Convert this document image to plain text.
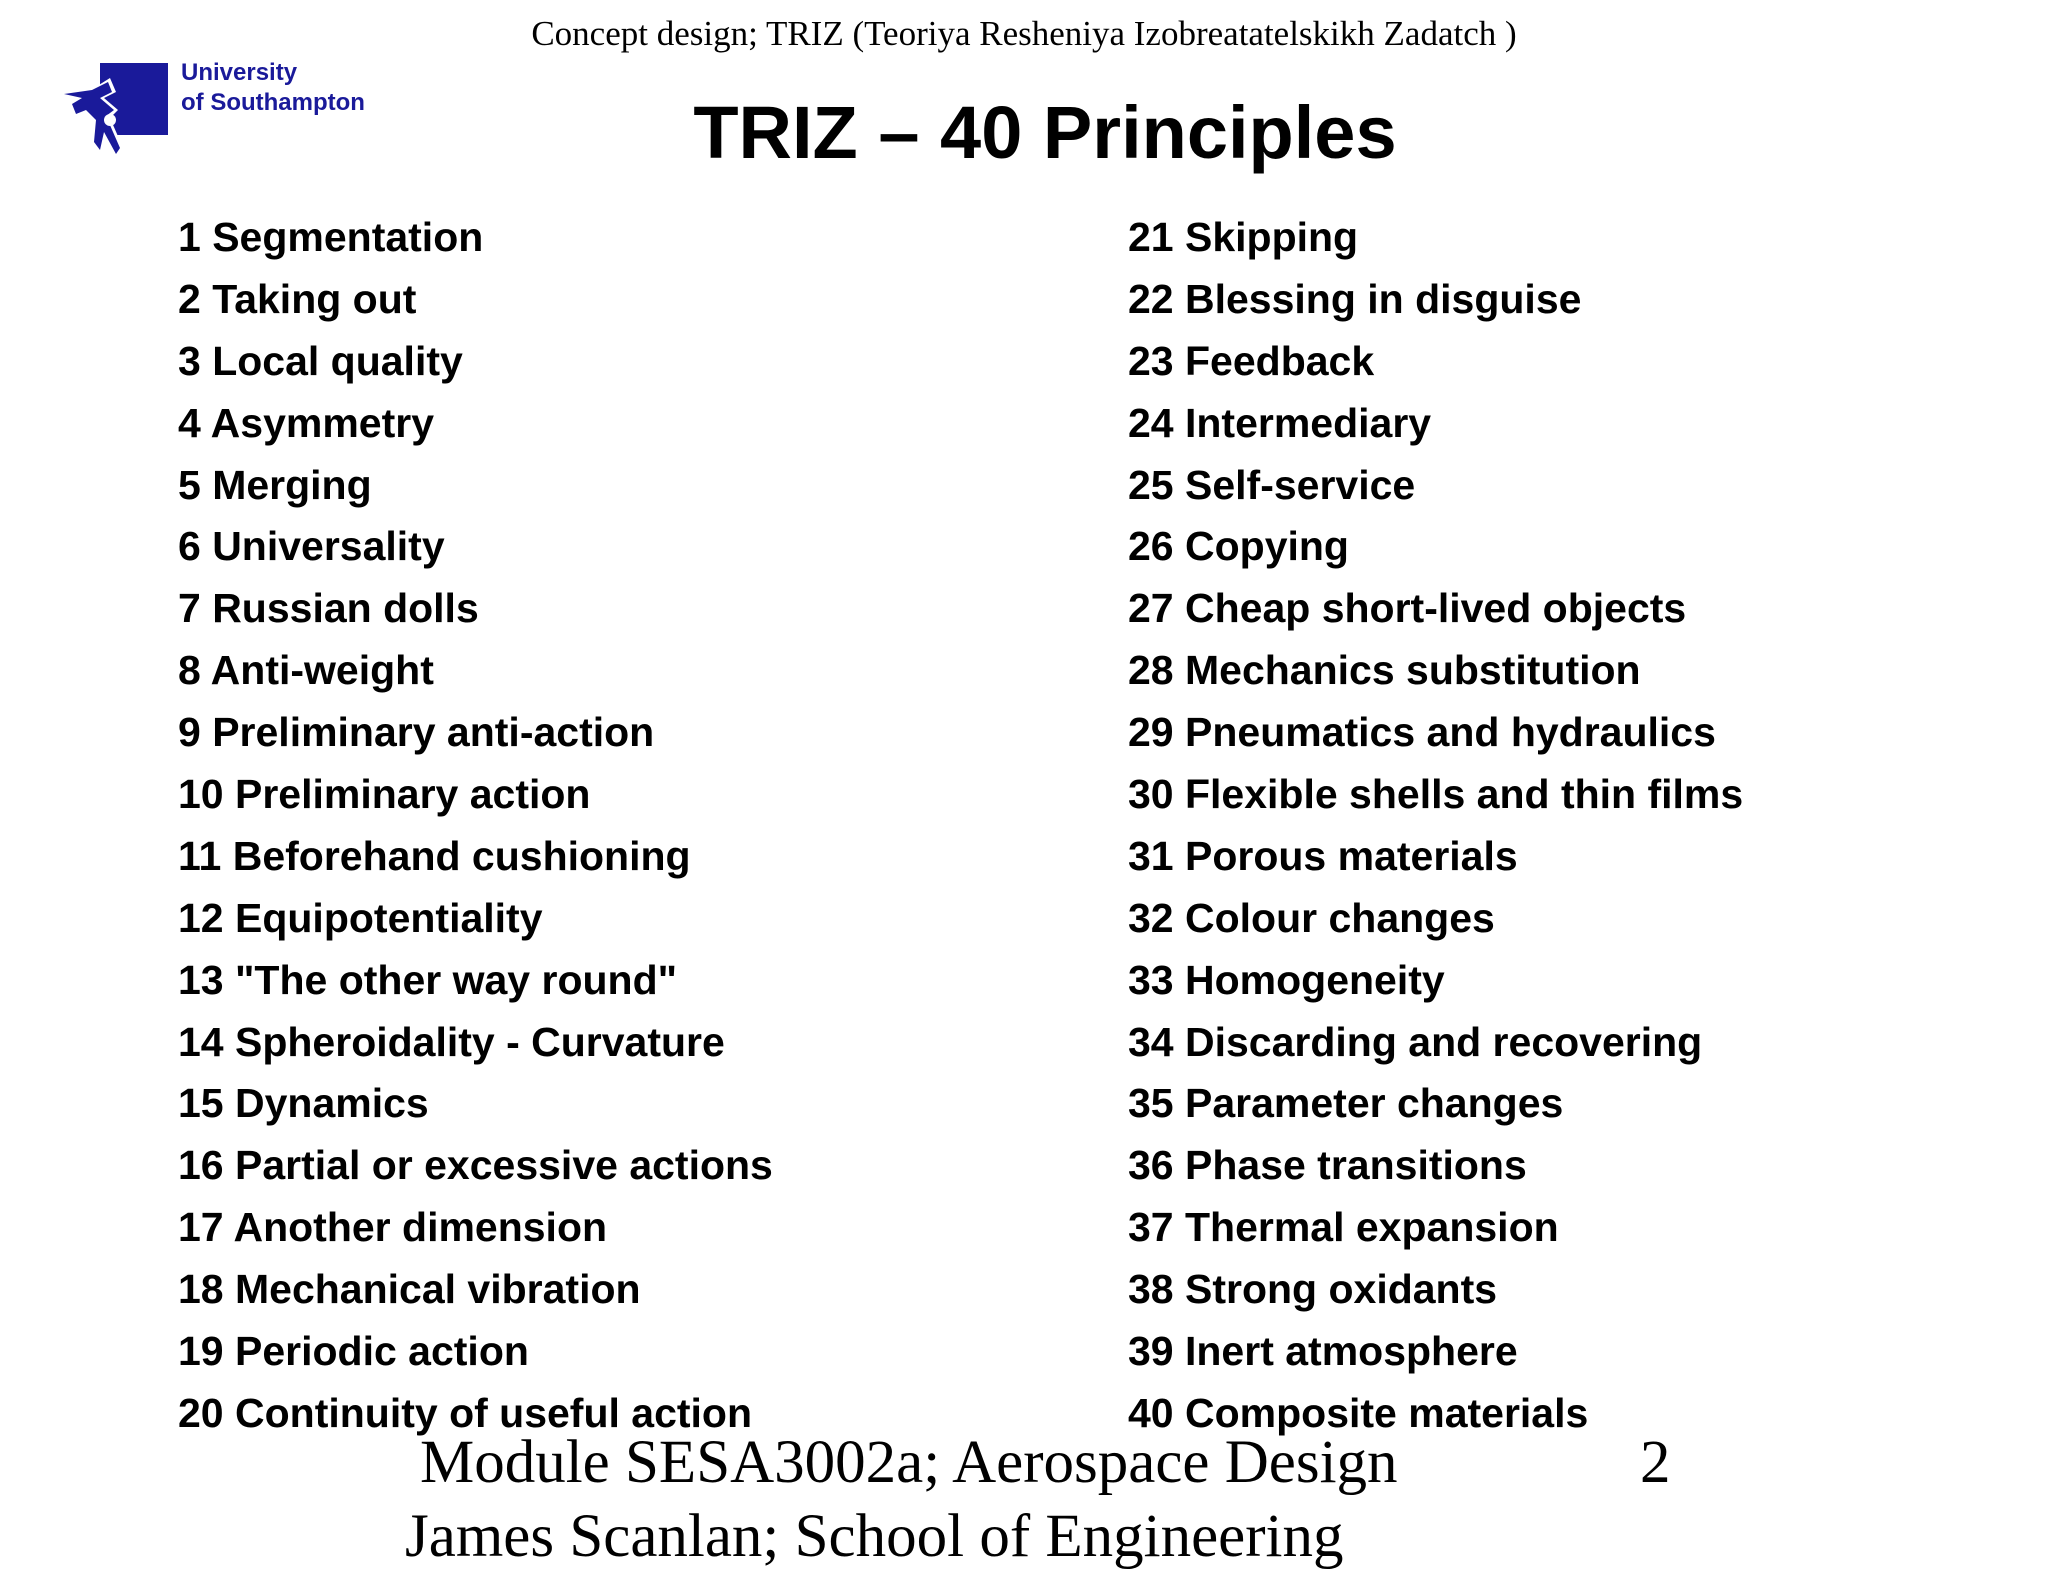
Concept design; TRIZ (Teoriya Resheniya Izobreatatelskikh Zadatch )
University
of Southampton	TRIZ – 40 Principles
1 Segmentation
2 Taking out
3 Local quality
4 Asymmetry
5 Merging
6 Universality
7 Russian dolls
8 Anti-weight
9 Preliminary anti-action
10 Preliminary action
11 Beforehand cushioning
12 Equipotentiality
13 "The other way round"
14 Spheroidality - Curvature
15 Dynamics
16 Partial or excessive actions
17 Another dimension
18 Mechanical vibration
19 Periodic action
20 Continuity of useful action
21 Skipping
22 Blessing in disguise
23 Feedback
24 Intermediary
25 Self-service
26 Copying
27 Cheap short-lived objects
28 Mechanics substitution
29 Pneumatics and hydraulics
30 Flexible shells and thin films
31 Porous materials
32 Colour changes
33 Homogeneity
34 Discarding and recovering
35 Parameter changes
36 Phase transitions
37 Thermal expansion
38 Strong oxidants
39 Inert atmosphere
40 Composite materials
Module SESA3002a; Aerospace Design	2
James Scanlan; School of Engineering
